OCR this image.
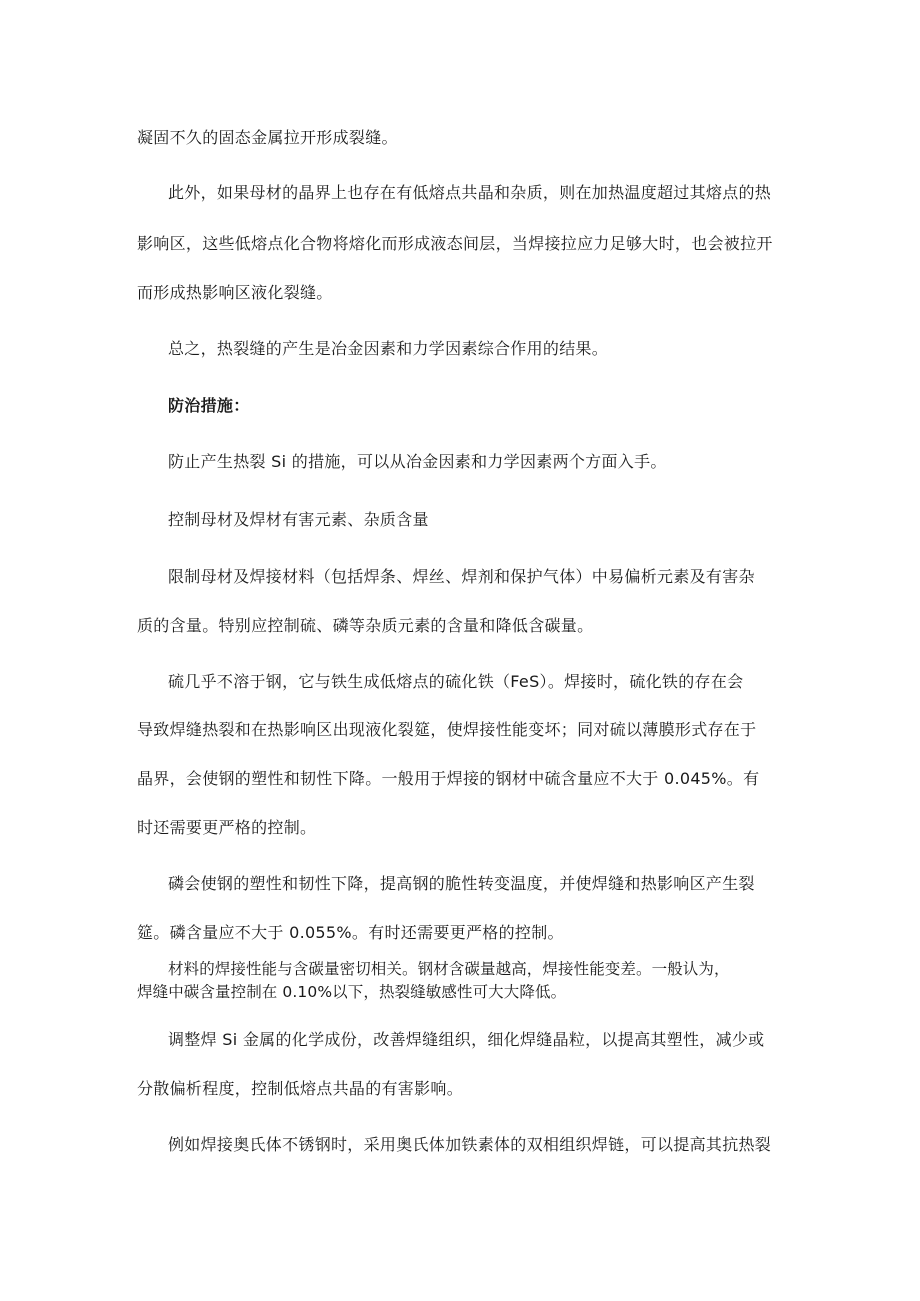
凝固不久的固态金属拉开形成裂缝。
此外，如果母材的晶界上也存在有低熔点共晶和杂质，则在加热温度超过其熔点的热
影响区，这些低熔点化合物将熔化而形成液态间层，当焊接拉应力足够大时，也会被拉开
而形成热影响区液化裂缝。
总之，热裂缝的产生是冶金因素和力学因素综合作用的结果。
防治措施：
防止产生热裂 Si 的措施，可以从冶金因素和力学因素两个方面入手。
控制母材及焊材有害元素、杂质含量
限制母材及焊接材料（包括焊条、焊丝、焊剂和保护气体）中易偏析元素及有害杂
质的含量。特别应控制硫、磷等杂质元素的含量和降低含碳量。
硫几乎不溶于钢，它与铁生成低熔点的硫化铁（FeS）。焊接时，硫化铁的存在会
导致焊缝热裂和在热影响区出现液化裂筵，使焊接性能变坏；同对硫以薄膜形式存在于
晶界，会使钢的塑性和韧性下降。一般用于焊接的钢材中硫含量应不大于 0.045%。有
时还需要更严格的控制。
磷会使钢的塑性和韧性下降，提高钢的脆性转变温度，并使焊缝和热影响区产生裂
筵。磷含量应不大于 0.055%。有时还需要更严格的控制。
材料的焊接性能与含碳量密切相关。钢材含碳量越高，焊接性能变差。一般认为，
焊缝中碳含量控制在 0.10%以下，热裂缝敏感性可大大降低。
调整焊 Si 金属的化学成份，改善焊缝组织，细化焊缝晶粒，以提高其塑性，减少或
分散偏析程度，控制低熔点共晶的有害影响。
例如焊接奥氏体不锈钢时，采用奥氏体加铁素体的双相组织焊链，可以提高其抗热裂
